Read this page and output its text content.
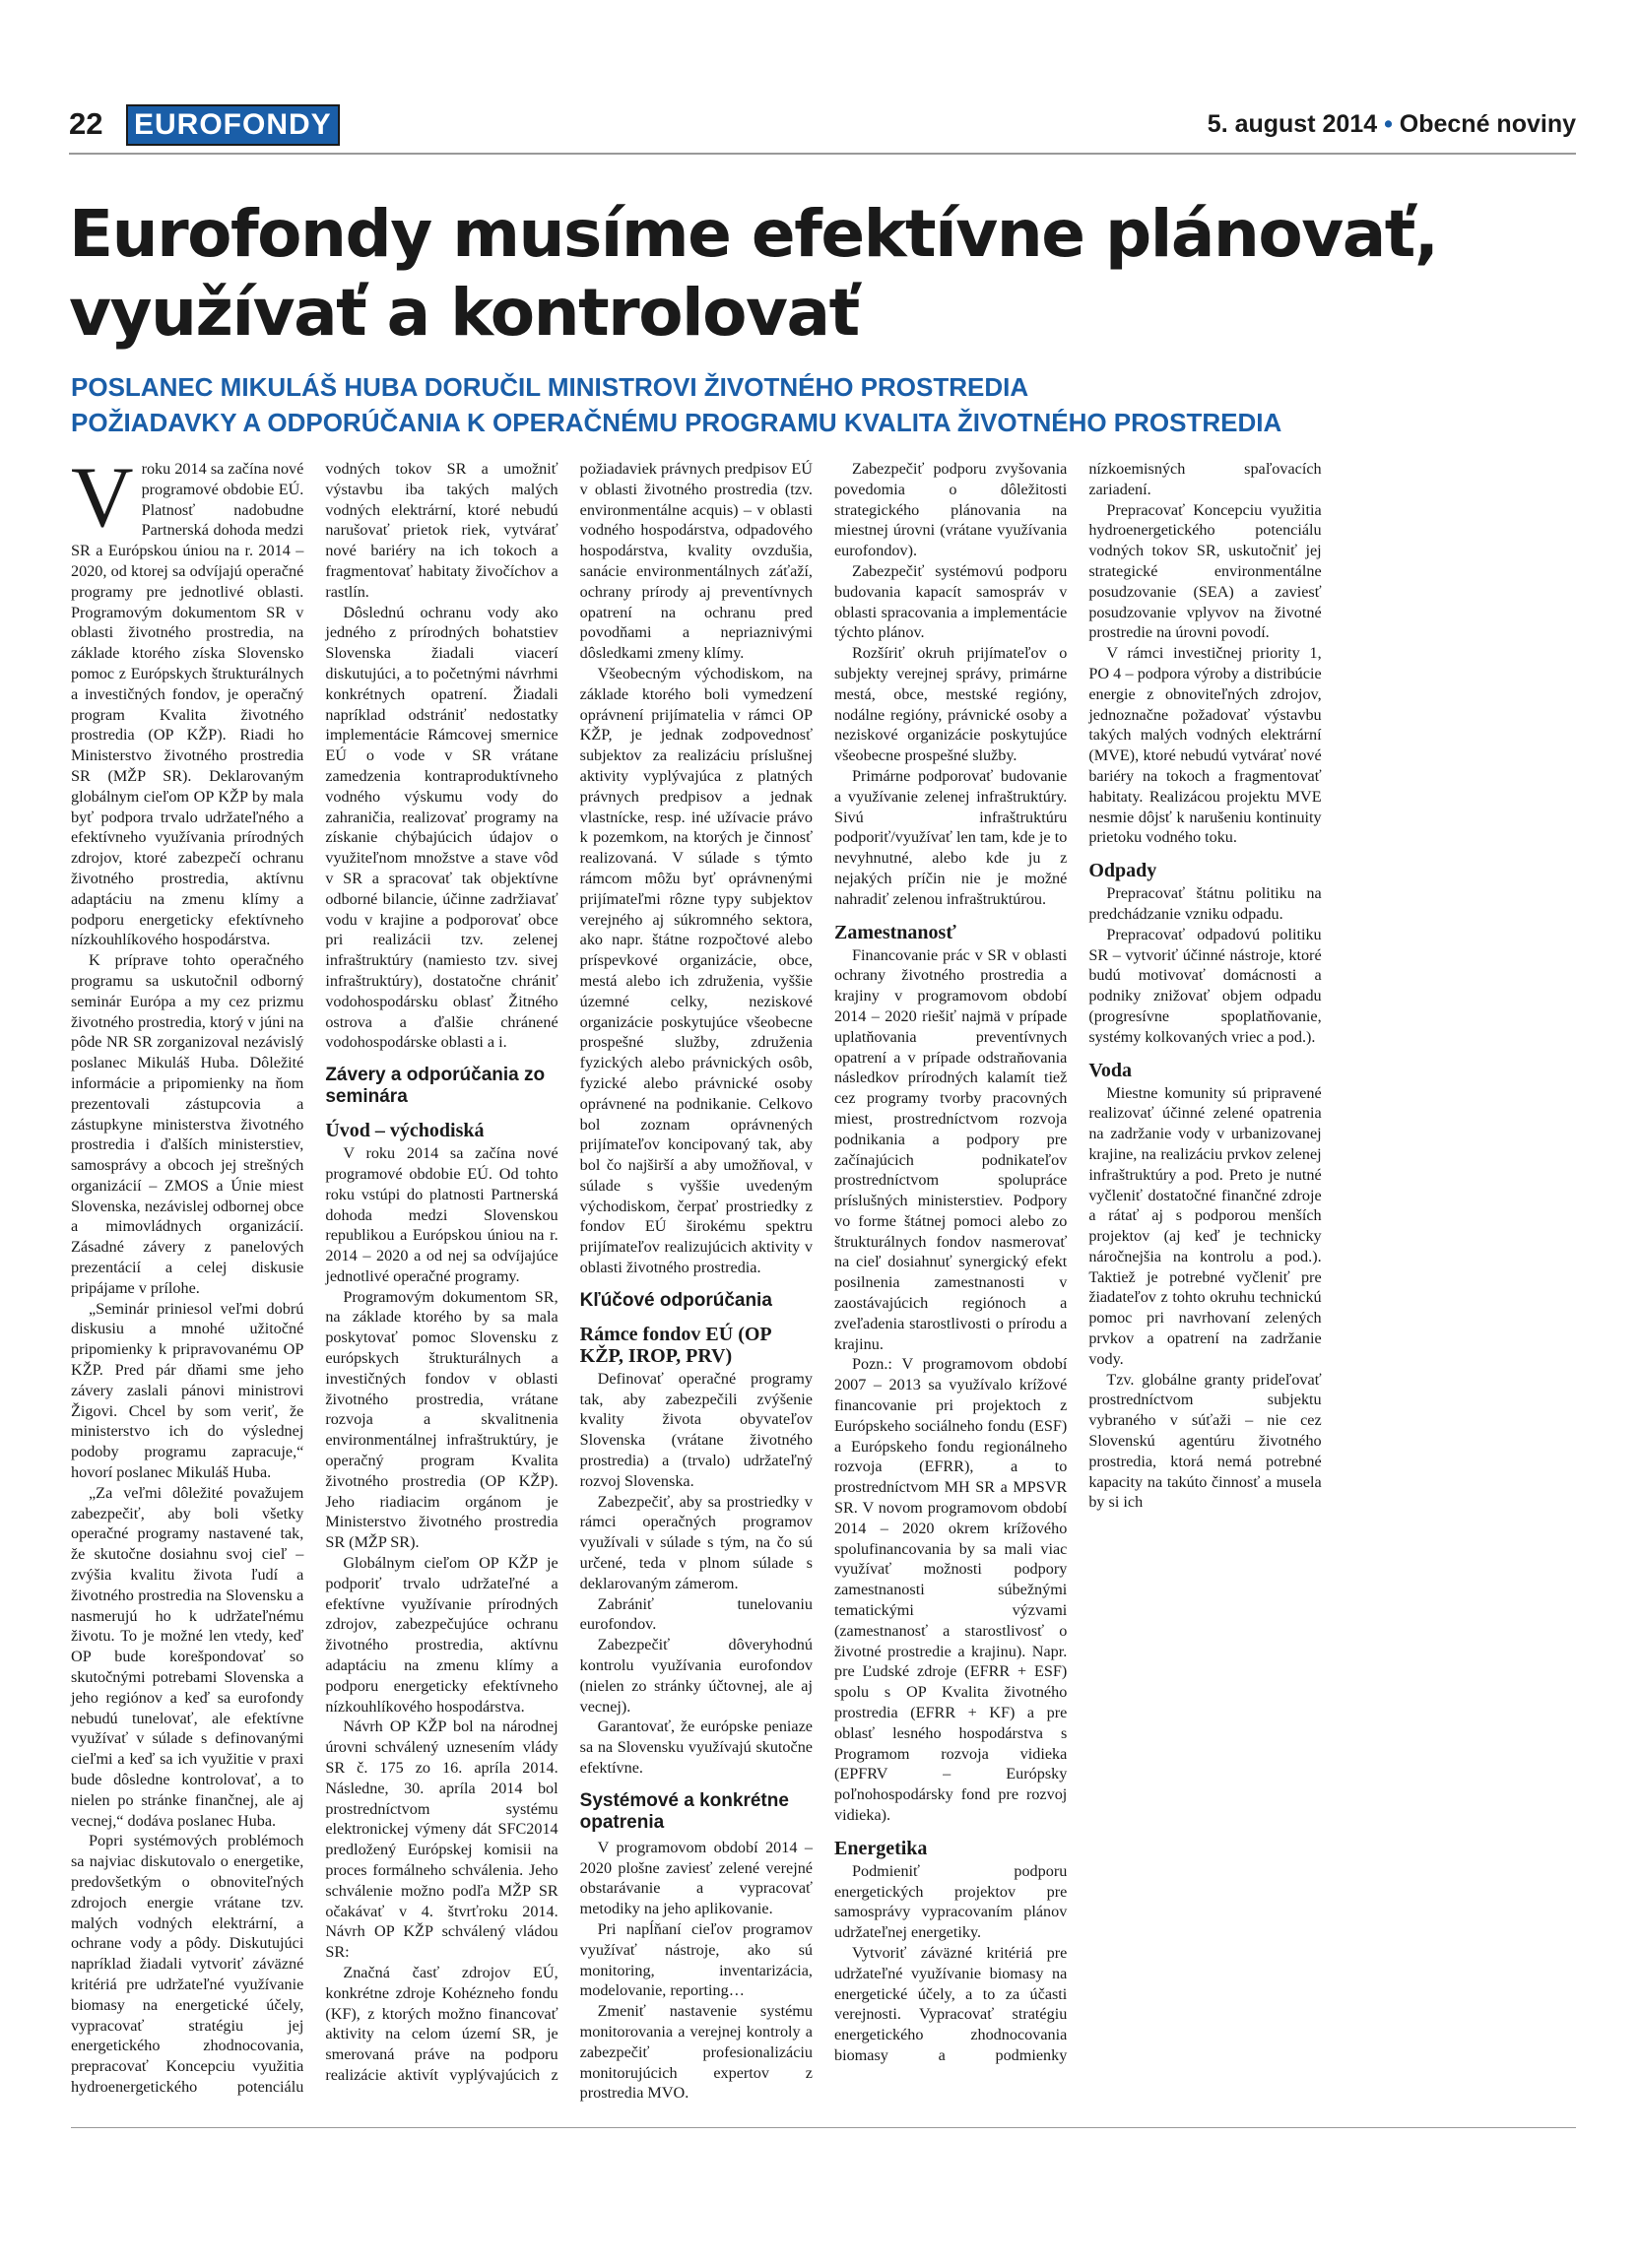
22 EUROFONDY	5. august 2014 • Obecné noviny
Eurofondy musíme efektívne plánovať, využívať a kontrolovať
POSLANEC MIKULÁŠ HUBA DORUČIL MINISTROVI ŽIVOTNÉHO PROSTREDIA
POŽIADAVKY A ODPORÚČANIA K OPERAČNÉMU PROGRAMU KVALITA ŽIVOTNÉHO PROSTREDIA

Vroku 2014 sa začína nové programové obdobie EÚ. Platnosť nadobudne Partnerská dohoda medzi SR a Európskou úniou na r. 2014 – 2020, od ktorej sa odvíjajú operačné programy pre jednotlivé oblasti. Programovým dokumentom SR v oblasti životného prostredia, na základe ktorého získa Slovensko pomoc z Európskych štrukturálnych a investičných fondov, je operačný program Kvalita životného prostredia (OP KŽP). Riadi ho Ministerstvo životného prostredia SR (MŽP SR). Deklarovaným globálnym cieľom OP KŽP by mala byť podpora trvalo udržateľného a efektívneho využívania prírodných zdrojov, ktoré zabezpečí ochranu životného prostredia, aktívnu adaptáciu na zmenu klímy a podporu energeticky efektívneho nízkouhlíkového hospodárstva.

K príprave tohto operačného programu sa uskutočnil odborný seminár Európa a my cez prizmu životného prostredia, ktorý v júni na pôde NR SR zorganizoval nezávislý poslanec Mikuláš Huba. Dôležité informácie a pripomienky na ňom prezentovali zástupcovia a zástupkyne ministerstva životného prostredia i ďalších ministerstiev, samosprávy a obcoch jej strešných organizácií – ZMOS a Únie miest Slovenska, nezávislej odbornej obce a mimovládnych organizácií. Zásadné závery z panelových prezentácií a celej diskusie pripájame v prílohe.

„Seminár priniesol veľmi dobrú diskusiu a mnohé užitočné pripomienky k pripravovanému OP KŽP. Pred pár dňami sme jeho závery zaslali pánovi ministrovi Žigovi. Chcel by som veriť, že ministerstvo ich do výslednej podoby programu zapracuje,“ hovorí poslanec Mikuláš Huba.

„Za veľmi dôležité považujem zabezpečiť, aby boli všetky operačné programy nastavené tak, že skutočne dosiahnu svoj cieľ – zvýšia kvalitu života ľudí a životného prostredia na Slovensku a nasmerujú ho k udržateľnému životu. To je možné len vtedy, keď OP bude korešpondovať so skutočnými potrebami Slovenska a jeho regiónov a keď sa eurofondy nebudú tunelovať, ale efektívne využívať v súlade s definovanými cieľmi a keď sa ich využitie v praxi bude dôsledne kontrolovať, a to nielen po stránke finančnej, ale aj vecnej,“ dodáva poslanec Huba.

Popri systémových problémoch sa najviac diskutovalo o energetike, predovšetkým o obnoviteľných zdrojoch energie vrátane tzv. malých vodných elektrární, a ochrane vody a pôdy. Diskutujúci napríklad žiadali vytvoriť záväzné kritériá pre udržateľné využívanie biomasy na energetické účely, vypracovať stratégiu jej energetického zhodnocovania, prepracovať Koncepciu využitia hydroenergetického potenciálu vodných tokov SR a umožniť výstavbu iba takých malých vodných elektrární, ktoré nebudú narušovať prietok riek, vytvárať nové bariéry na ich tokoch a fragmentovať habitaty živočíchov a rastlín.

Dôslednú ochranu vody ako jedného z prírodných bohatstiev Slovenska žiadali viacerí diskutujúci, a to početnými návrhmi konkrétnych opatrení. Žiadali napríklad odstrániť nedostatky implementácie Rámcovej smernice EÚ o vode v SR vrátane zamedzenia kontraproduktívneho vodného výskumu vody do zahraničia, realizovať programy na získanie chýbajúcich údajov o využiteľnom množstve a stave vôd v SR a spracovať tak objektívne odborné bilancie, účinne zadržiavať vodu v krajine a podporovať obce pri realizácii tzv. zelenej infraštruktúry (namiesto tzv. sivej infraštruktúry), dostatočne chrániť vodohospodársku oblasť Žitného ostrova a ďalšie chránené vodohospodárske oblasti a i.

Závery a odporúčania zo seminára
Úvod – východiská

V roku 2014 sa začína nové programové obdobie EÚ. Od tohto roku vstúpi do platnosti Partnerská dohoda medzi Slovenskou republikou a Európskou úniou na r. 2014 – 2020 a od nej sa odvíjajúce jednotlivé operačné programy.

Programovým dokumentom SR, na základe ktorého by sa mala poskytovať pomoc Slovensku z európskych štrukturálnych a investičných fondov v oblasti životného prostredia, vrátane rozvoja a skvalitnenia environmentálnej infraštruktúry, je operačný program Kvalita životného prostredia (OP KŽP). Jeho riadiacim orgánom je Ministerstvo životného prostredia SR (MŽP SR).

Globálnym cieľom OP KŽP je podporiť trvalo udržateľné a efektívne využívanie prírodných zdrojov, zabezpečujúce ochranu životného prostredia, aktívnu adaptáciu na zmenu klímy a podporu energeticky efektívneho nízkouhlíkového hospodárstva.

Návrh OP KŽP bol na národnej úrovni schválený uznesením vlády SR č. 175 zo 16. apríla 2014. Následne, 30. apríla 2014 bol prostredníctvom systému elektronickej výmeny dát SFC2014 predložený Európskej komisii na proces formálneho schválenia. Jeho schválenie možno podľa MŽP SR očakávať v 4. štvrťroku 2014. Návrh OP KŽP schválený vládou SR:

Značná časť zdrojov EÚ, konkrétne zdroje Kohézneho fondu (KF), z ktorých možno financovať aktivity na celom území SR, je smerovaná práve na podporu realizácie aktivít vyplývajúcich z požiadaviek právnych predpisov EÚ v oblasti životného prostredia (tzv. environmentálne acquis) – v oblasti vodného hospodárstva, odpadového hospodárstva, kvality ovzdušia, sanácie environmentálnych záťaží, ochrany prírody aj preventívnych opatrení na ochranu pred povodňami a nepriaznivými dôsledkami zmeny klímy.

Všeobecným východiskom, na základe ktorého boli vymedzení oprávnení prijímatelia v rámci OP KŽP, je jednak zodpovednosť subjektov za realizáciu príslušnej aktivity vyplývajúca z platných právnych predpisov a jednak vlastnícke, resp. iné užívacie právo k pozemkom, na ktorých je činnosť realizovaná. V súlade s týmto rámcom môžu byť oprávnenými prijímateľmi rôzne typy subjektov verejného aj súkromného sektora, ako napr. štátne rozpočtové alebo príspevkové organizácie, obce, mestá alebo ich združenia, vyššie územné celky, neziskové organizácie poskytujúce všeobecne prospešné služby, združenia fyzických alebo právnických osôb, fyzické alebo právnické osoby oprávnené na podnikanie. Celkovo bol zoznam oprávnených prijímateľov koncipovaný tak, aby bol čo najširší a aby umožňoval, v súlade s vyššie uvedeným východiskom, čerpať prostriedky z fondov EÚ širokému spektru prijímateľov realizujúcich aktivity v oblasti životného prostredia.

Kľúčové odporúčania
Rámce fondov EÚ (OP KŽP, IROP, PRV)

Definovať operačné programy tak, aby zabezpečili zvýšenie kvality života obyvateľov Slovenska (vrátane životného prostredia) a (trvalo) udržateľný rozvoj Slovenska.

Zabezpečiť, aby sa prostriedky v rámci operačných programov využívali v súlade s tým, na čo sú určené, teda v plnom súlade s deklarovaným zámerom.

Zabrániť tunelovaniu eurofondov.

Zabezpečiť dôveryhodnú kontrolu využívania eurofondov (nielen zo stránky účtovnej, ale aj vecnej).

Garantovať, že európske peniaze sa na Slovensku využívajú skutočne efektívne.

Systémové a konkrétne opatrenia

V programovom období 2014 – 2020 plošne zaviesť zelené verejné obstarávanie a vypracovať metodiky na jeho aplikovanie.

Pri napĺňaní cieľov programov využívať nástroje, ako sú monitoring, inventarizácia, modelovanie, reporting…

Zmeniť nastavenie systému monitorovania a verejnej kontroly a zabezpečiť profesionalizáciu monitorujúcich expertov z prostredia MVO.

Zabezpečiť podporu zvyšovania povedomia o dôležitosti strategického plánovania na miestnej úrovni (vrátane využívania eurofondov).

Zabezpečiť systémovú podporu budovania kapacít samospráv v oblasti spracovania a implementácie týchto plánov.

Rozšíriť okruh prijímateľov o subjekty verejnej správy, primárne mestá, obce, mestské regióny, nodálne regióny, právnické osoby a neziskové organizácie poskytujúce všeobecne prospešné služby.

Primárne podporovať budovanie a využívanie zelenej infraštruktúry. Sivú infraštruktúru podporiť/využívať len tam, kde je to nevyhnutné, alebo kde ju z nejakých príčin nie je možné nahradiť zelenou infraštruktúrou.

Zamestnanosť

Financovanie prác v SR v oblasti ochrany životného prostredia a krajiny v programovom období 2014 – 2020 riešiť najmä v prípade uplatňovania preventívnych opatrení a v prípade odstraňovania následkov prírodných kalamít tiež cez programy tvorby pracovných miest, prostredníctvom rozvoja podnikania a podpory pre začínajúcich podnikateľov prostredníctvom spolupráce príslušných ministerstiev. Podpory vo forme štátnej pomoci alebo zo štrukturálnych fondov nasmerovať na cieľ dosiahnuť synergický efekt posilnenia zamestnanosti v zaostávajúcich regiónoch a zveľadenia starostlivosti o prírodu a krajinu.

Pozn.: V programovom období 2007 – 2013 sa využívalo krížové financovanie pri projektoch z Európskeho sociálneho fondu (ESF) a Európskeho fondu regionálneho rozvoja (EFRR), a to prostredníctvom MH SR a MPSVR SR. V novom programovom období 2014 – 2020 okrem krížového spolufinancovania by sa mali viac využívať možnosti podpory zamestnanosti súbežnými tematickými výzvami (zamestnanosť a starostlivosť o životné prostredie a krajinu). Napr. pre Ľudské zdroje (EFRR + ESF) spolu s OP Kvalita životného prostredia (EFRR + KF) a pre oblasť lesného hospodárstva s Programom rozvoja vidieka (EPFRV – Európsky poľnohospodársky fond pre rozvoj vidieka).

Energetika

Podmieniť podporu energetických projektov pre samosprávy vypracovaním plánov udržateľnej energetiky.

Vytvoriť záväzné kritériá pre udržateľné využívanie biomasy na energetické účely, a to za účasti verejnosti. Vypracovať stratégiu energetického zhodnocovania biomasy a podmienky nízkoemisných spaľovacích zariadení.

Prepracovať Koncepciu využitia hydroenergetického potenciálu vodných tokov SR, uskutočniť jej strategické environmentálne posudzovanie (SEA) a zaviesť posudzovanie vplyvov na životné prostredie na úrovni povodí.

V rámci investičnej priority 1, PO 4 – podpora výroby a distribúcie energie z obnoviteľných zdrojov, jednoznačne požadovať výstavbu takých malých vodných elektrární (MVE), ktoré nebudú vytvárať nové bariéry na tokoch a fragmentovať habitaty. Realizácou projektu MVE nesmie dôjsť k narušeniu kontinuity prietoku vodného toku.

Odpady

Prepracovať štátnu politiku na predchádzanie vzniku odpadu.

Prepracovať odpadovú politiku SR – vytvoriť účinné nástroje, ktoré budú motivovať domácnosti a podniky znižovať objem odpadu (progresívne spoplatňovanie, systémy kolkovaných vriec a pod.).

Voda

Miestne komunity sú pripravené realizovať účinné zelené opatrenia na zadržanie vody v urbanizovanej krajine, na realizáciu prvkov zelenej infraštruktúry a pod. Preto je nutné vyčleniť dostatočné finančné zdroje a rátať aj s podporou menších projektov (aj keď je technicky náročnejšia na kontrolu a pod.). Taktiež je potrebné vyčleniť pre žiadateľov z tohto okruhu technickú pomoc pri navrhovaní zelených prvkov a opatrení na zadržanie vody.

Tzv. globálne granty prideľovať prostredníctvom subjektu vybraného v súťaži – nie cez Slovenskú agentúru životného prostredia, ktorá nemá potrebné kapacity na takúto činnosť a musela by si ich
